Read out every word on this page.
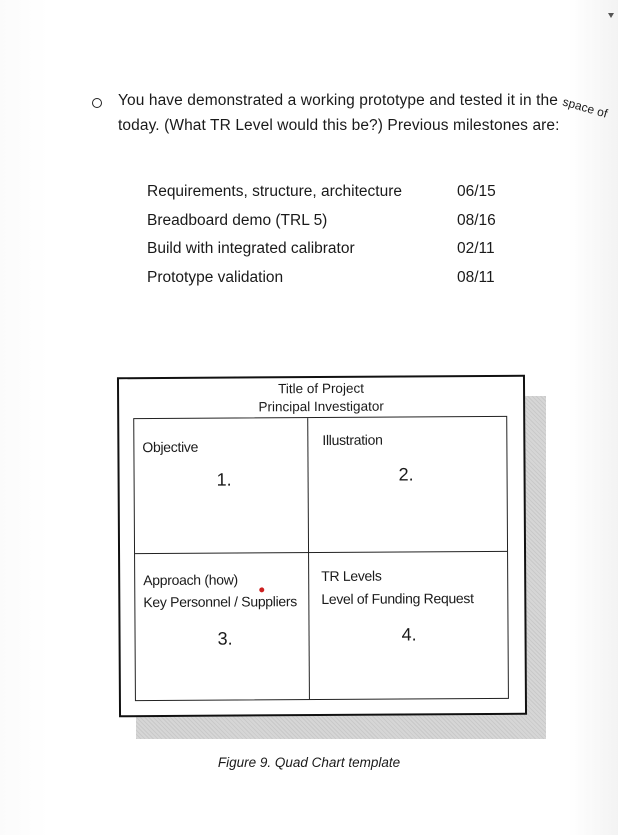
You have demonstrated a working prototype and tested it in the space of
today. (What TR Level would this be?) Previous milestones are:
Requirements, structure, architecture	06/15
Breadboard demo (TRL 5)	08/16
Build with integrated calibrator	02/11
Prototype validation	08/11
Title of Project
Principal Investigator
Objective
1.
Illustration
2.
Approach (how)
Key Personnel / Suppliers
3.
TR Levels
Level of Funding Request
4.
Figure 9. Quad Chart template
